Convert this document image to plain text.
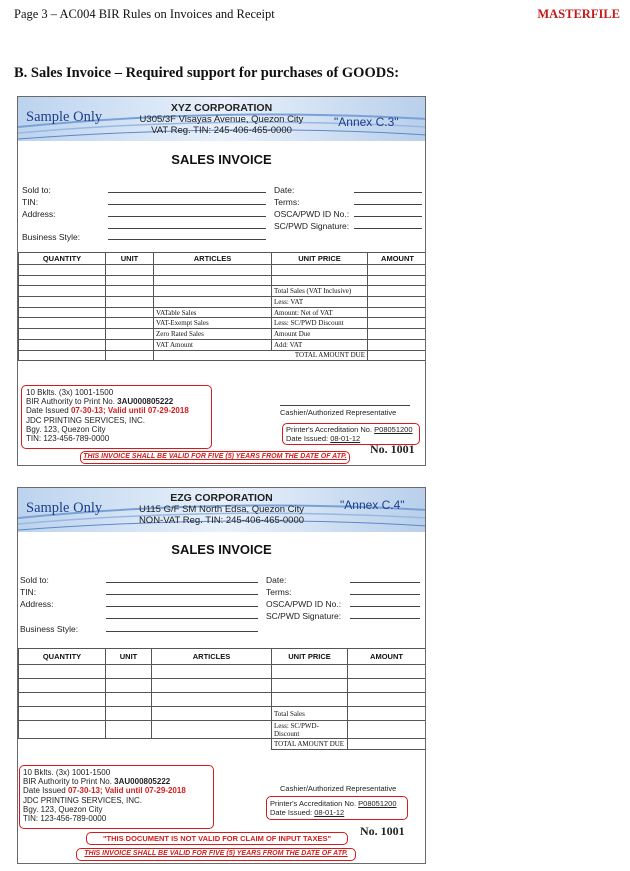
Page 3 – AC004 BIR Rules on Invoices and Receipt	MASTERFILE
B. Sales Invoice – Required support for purchases of GOODS:
Sample Only
XYZ CORPORATION
U305/3F Visayas Avenue, Quezon City
VAT Reg. TIN: 245-406-465-0000
"Annex C.3"
SALES INVOICE
Sold to:
TIN:
Address:
Business Style:
Date:
Terms:
OSCA/PWD ID No.:
SC/PWD Signature:
QUANTITY	UNIT	ARTICLES	UNIT PRICE	AMOUNT

			Total Sales (VAT Inclusive)	
			Less: VAT	
		VATable Sales	Amount: Net of VAT	
		VAT-Exempt Sales	Less: SC/PWD Discount	
		Zero Rated Sales	Amount Due	
		VAT Amount	Add: VAT	
		TOTAL AMOUNT DUE		
10 Bklts. (3x) 1001-1500
BIR Authority to Print No. 3AU000805222
Date Issued 07-30-13; Valid until 07-29-2018
JDC PRINTING SERVICES, INC.
Bgy. 123, Quezon City
TIN: 123-456-789-0000
Cashier/Authorized Representative
Printer's Accreditation No. P08051200
Date Issued: 08-01-12
No. 1001
THIS INVOICE SHALL BE VALID FOR FIVE (5) YEARS FROM THE DATE OF ATP.
Sample Only
EZG CORPORATION
U115 G/F SM North Edsa, Quezon City
NON-VAT Reg. TIN: 245-406-465-0000
"Annex C.4"
SALES INVOICE
Sold to:
TIN:
Address:
Business Style:
Date:
Terms:
OSCA/PWD ID No.:
SC/PWD Signature:
QUANTITY	UNIT	ARTICLES	UNIT PRICE	AMOUNT

			Total Sales	
			Less: SC/PWD-
Discount	
			TOTAL AMOUNT DUE	
10 Bklts. (3x) 1001-1500
BIR Authority to Print No. 3AU000805222
Date Issued 07-30-13; Valid until 07-29-2018
JDC PRINTING SERVICES, INC.
Bgy. 123, Quezon City
TIN: 123-456-789-0000
Cashier/Authorized Representative
Printer's Accreditation No. P08051200
Date Issued: 08-01-12
No. 1001
"THIS DOCUMENT IS NOT VALID FOR CLAIM OF INPUT TAXES"
THIS INVOICE SHALL BE VALID FOR FIVE (5) YEARS FROM THE DATE OF ATP.
